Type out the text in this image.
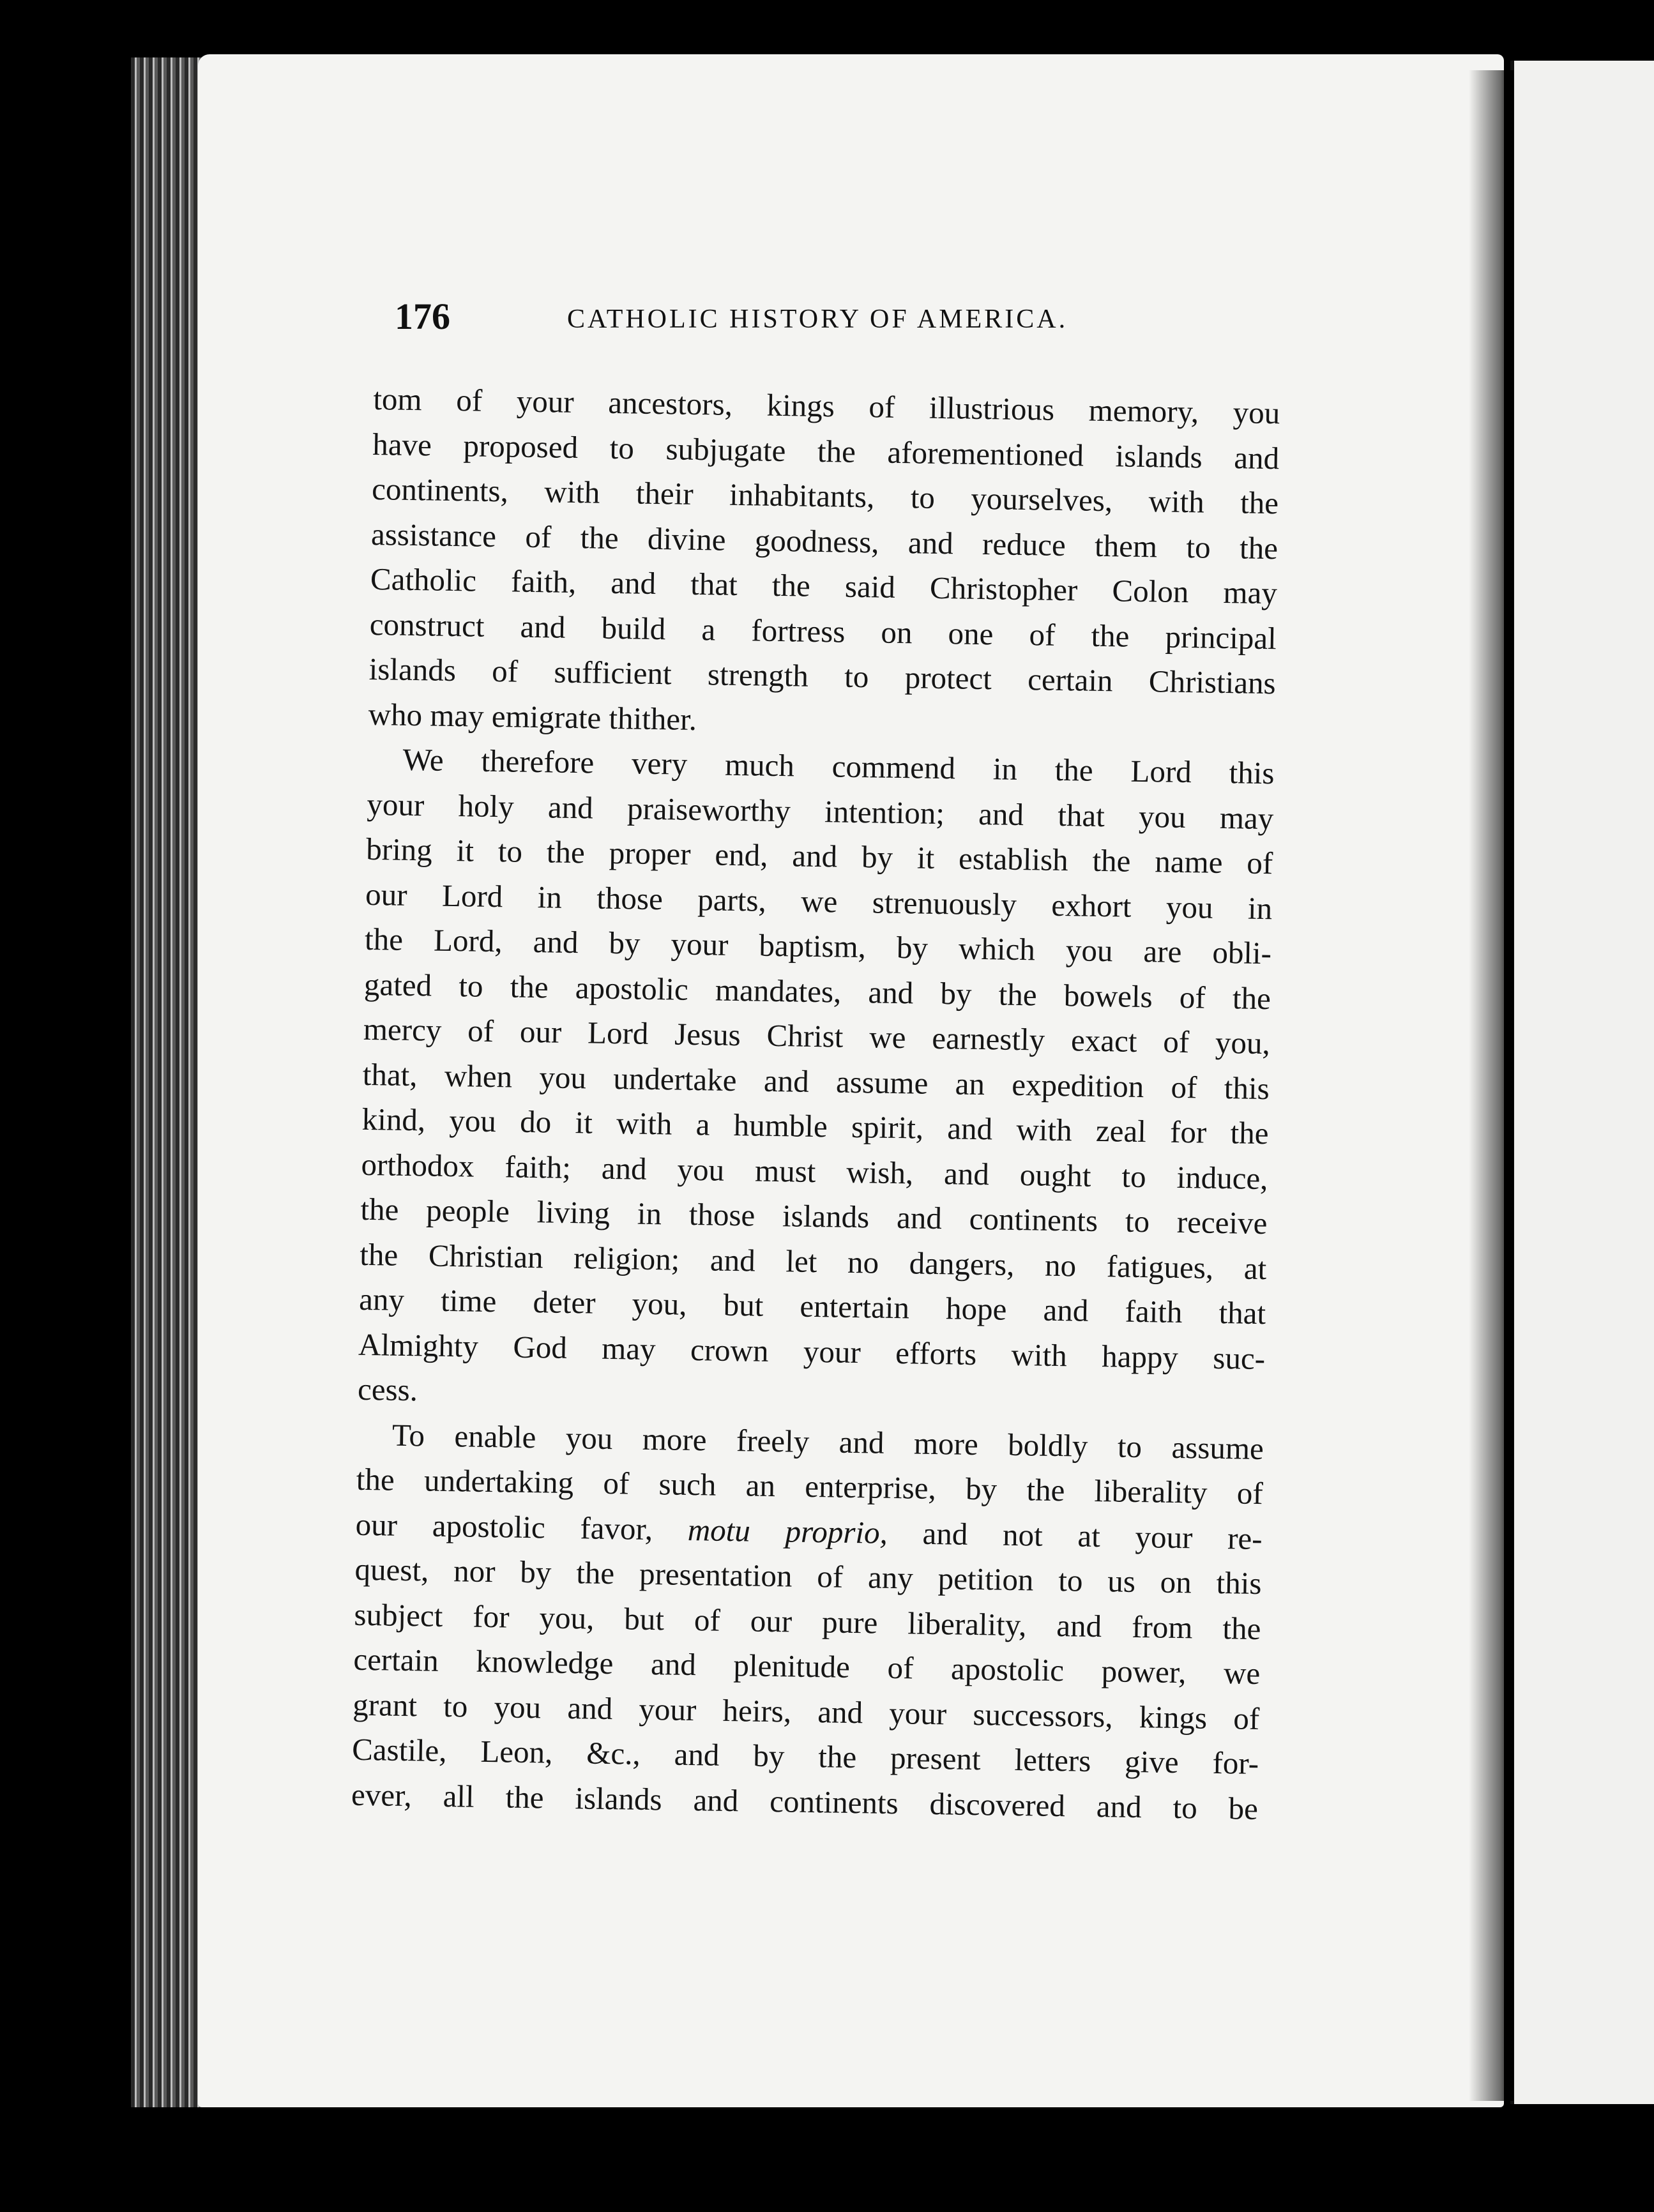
176	CATHOLIC HISTORY OF AMERICA.

tom of your ancestors, kings of illustrious memory, you
have proposed to subjugate the aforementioned islands and
continents, with their inhabitants, to yourselves, with the
assistance of the divine goodness, and reduce them to the
Catholic faith, and that the said Christopher Colon may
construct and build a fortress on one of the principal
islands of sufficient strength to protect certain Christians
who may emigrate thither.

We therefore very much commend in the Lord this
your holy and praiseworthy intention; and that you may
bring it to the proper end, and by it establish the name of
our Lord in those parts, we strenuously exhort you in
the Lord, and by your baptism, by which you are obli-
gated to the apostolic mandates, and by the bowels of the
mercy of our Lord Jesus Christ we earnestly exact of you,
that, when you undertake and assume an expedition of this
kind, you do it with a humble spirit, and with zeal for the
orthodox faith; and you must wish, and ought to induce,
the people living in those islands and continents to receive
the Christian religion; and let no dangers, no fatigues, at
any time deter you, but entertain hope and faith that
Almighty God may crown your efforts with happy suc-
cess.

To enable you more freely and more boldly to assume
the undertaking of such an enterprise, by the liberality of
our apostolic favor, motu proprio, and not at your re-
quest, nor by the presentation of any petition to us on this
subject for you, but of our pure liberality, and from the
certain knowledge and plenitude of apostolic power, we
grant to you and your heirs, and your successors, kings of
Castile, Leon, &c., and by the present letters give for-
ever, all the islands and continents discovered and to be
